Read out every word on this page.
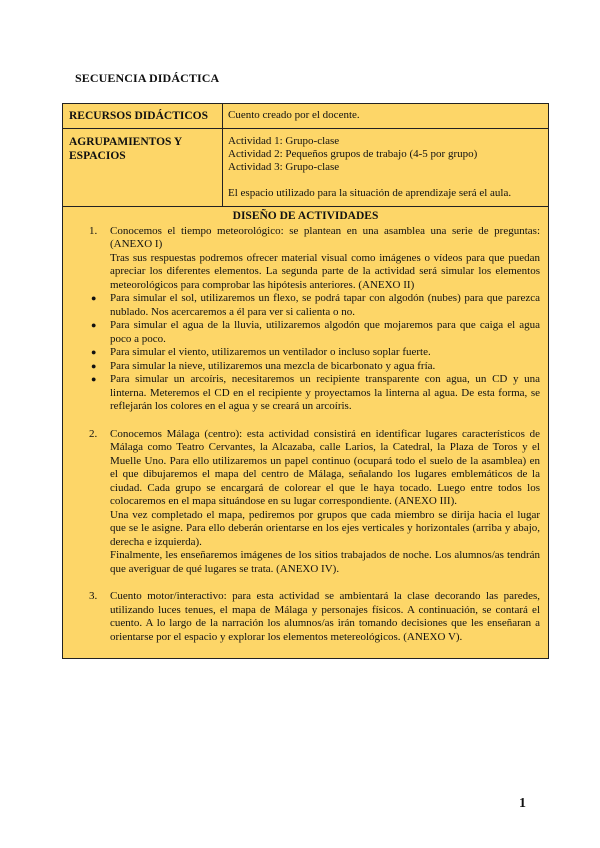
SECUENCIA DIDÁCTICA
RECURSOS DIDÁCTICOS	Cuento creado por el docente.
AGRUPAMIENTOS Y ESPACIOS
Actividad 1: Grupo-clase
Actividad 2: Pequeños grupos de trabajo (4-5 por grupo)
Actividad 3: Grupo-clase
El espacio utilizado para la situación de aprendizaje será el aula.
DISEÑO DE ACTIVIDADES
1. Conocemos el tiempo meteorológico: se plantean en una asamblea una serie de preguntas: (ANEXO I)
Tras sus respuestas podremos ofrecer material visual como imágenes o vídeos para que puedan apreciar los diferentes elementos. La segunda parte de la actividad será simular los elementos meteorológicos para comprobar las hipótesis anteriores. (ANEXO II)
● Para simular el sol, utilizaremos un flexo, se podrá tapar con algodón (nubes) para que parezca nublado. Nos acercaremos a él para ver si calienta o no.
● Para simular el agua de la lluvia, utilizaremos algodón que mojaremos para que caiga el agua poco a poco.
● Para simular el viento, utilizaremos un ventilador o incluso soplar fuerte.
● Para simular la nieve, utilizaremos una mezcla de bicarbonato y agua fría.
● Para simular un arcoíris, necesitaremos un recipiente transparente con agua, un CD y una linterna. Meteremos el CD en el recipiente y proyectamos la linterna al agua. De esta forma, se reflejarán los colores en el agua y se creará un arcoíris.
2. Conocemos Málaga (centro): esta actividad consistirá en identificar lugares característicos de Málaga como Teatro Cervantes, la Alcazaba, calle Larios, la Catedral, la Plaza de Toros y el Muelle Uno. Para ello utilizaremos un papel continuo (ocupará todo el suelo de la asamblea) en el que dibujaremos el mapa del centro de Málaga, señalando los lugares emblemáticos de la ciudad. Cada grupo se encargará de colorear el que le haya tocado. Luego entre todos los colocaremos en el mapa situándose en su lugar correspondiente. (ANEXO III).
Una vez completado el mapa, pediremos por grupos que cada miembro se dirija hacia el lugar que se le asigne. Para ello deberán orientarse en los ejes verticales y horizontales (arriba y abajo, derecha e izquierda).
Finalmente, les enseñaremos imágenes de los sitios trabajados de noche. Los alumnos/as tendrán que averiguar de qué lugares se trata. (ANEXO IV).
3. Cuento motor/interactivo: para esta actividad se ambientará la clase decorando las paredes, utilizando luces tenues, el mapa de Málaga y personajes físicos. A continuación, se contará el cuento. A lo largo de la narración los alumnos/as irán tomando decisiones que les enseñaran a orientarse por el espacio y explorar los elementos metereológicos. (ANEXO V).
1
